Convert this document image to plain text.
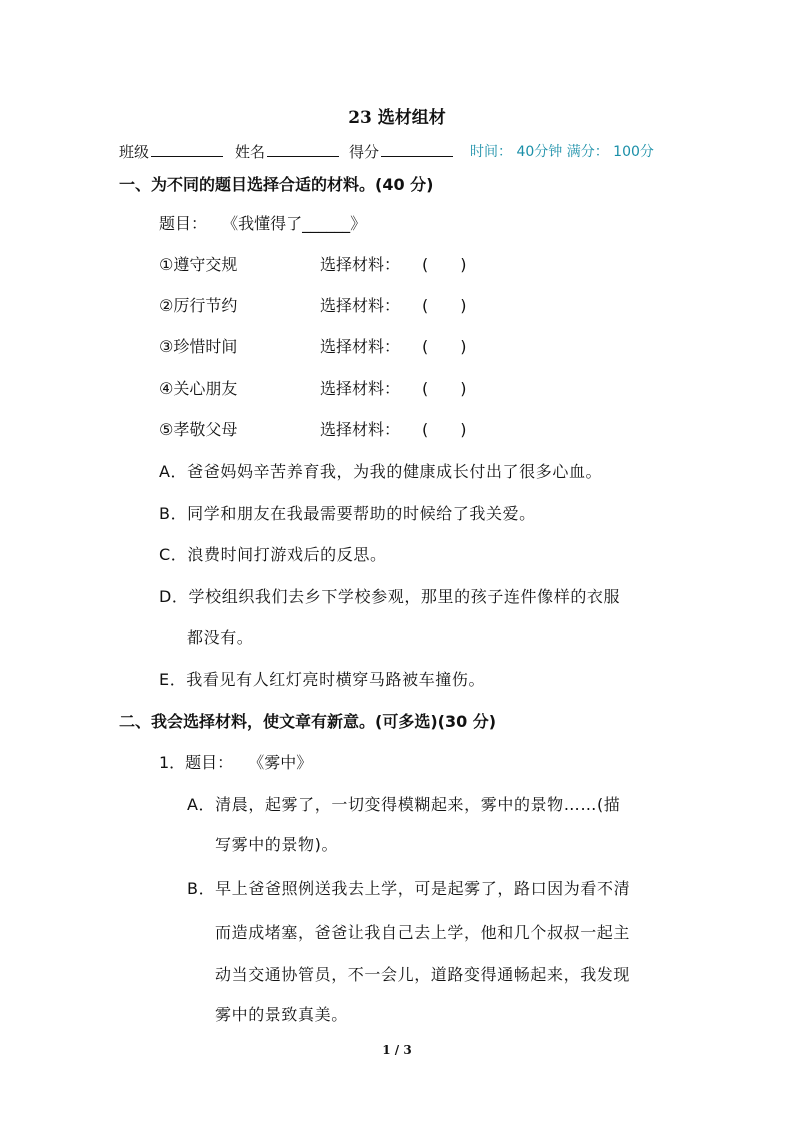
23 选材组材
班级	姓名	得分	时间： 40分钟 满分： 100分
一、为不同的题目选择合适的材料。(40 分)
题目： 《我懂得了______》
①遵守交规	选择材料： (　　)
②厉行节约	选择材料： (　　)
③珍惜时间	选择材料： (　　)
④关心朋友	选择材料： (　　)
⑤孝敬父母	选择材料： (　　)
A．爸爸妈妈辛苦养育我，为我的健康成长付出了很多心血。
B．同学和朋友在我最需要帮助的时候给了我关爱。
C．浪费时间打游戏后的反思。
D．学校组织我们去乡下学校参观，那里的孩子连件像样的衣服
都没有。
E．我看见有人红灯亮时横穿马路被车撞伤。
二、我会选择材料，使文章有新意。(可多选)(30 分)
1．题目： 《雾中》
A．清晨，起雾了，一切变得模糊起来，雾中的景物……(描
写雾中的景物)。
B．早上爸爸照例送我去上学，可是起雾了，路口因为看不清
而造成堵塞，爸爸让我自己去上学，他和几个叔叔一起主
动当交通协管员，不一会儿，道路变得通畅起来，我发现
雾中的景致真美。
1 / 3
